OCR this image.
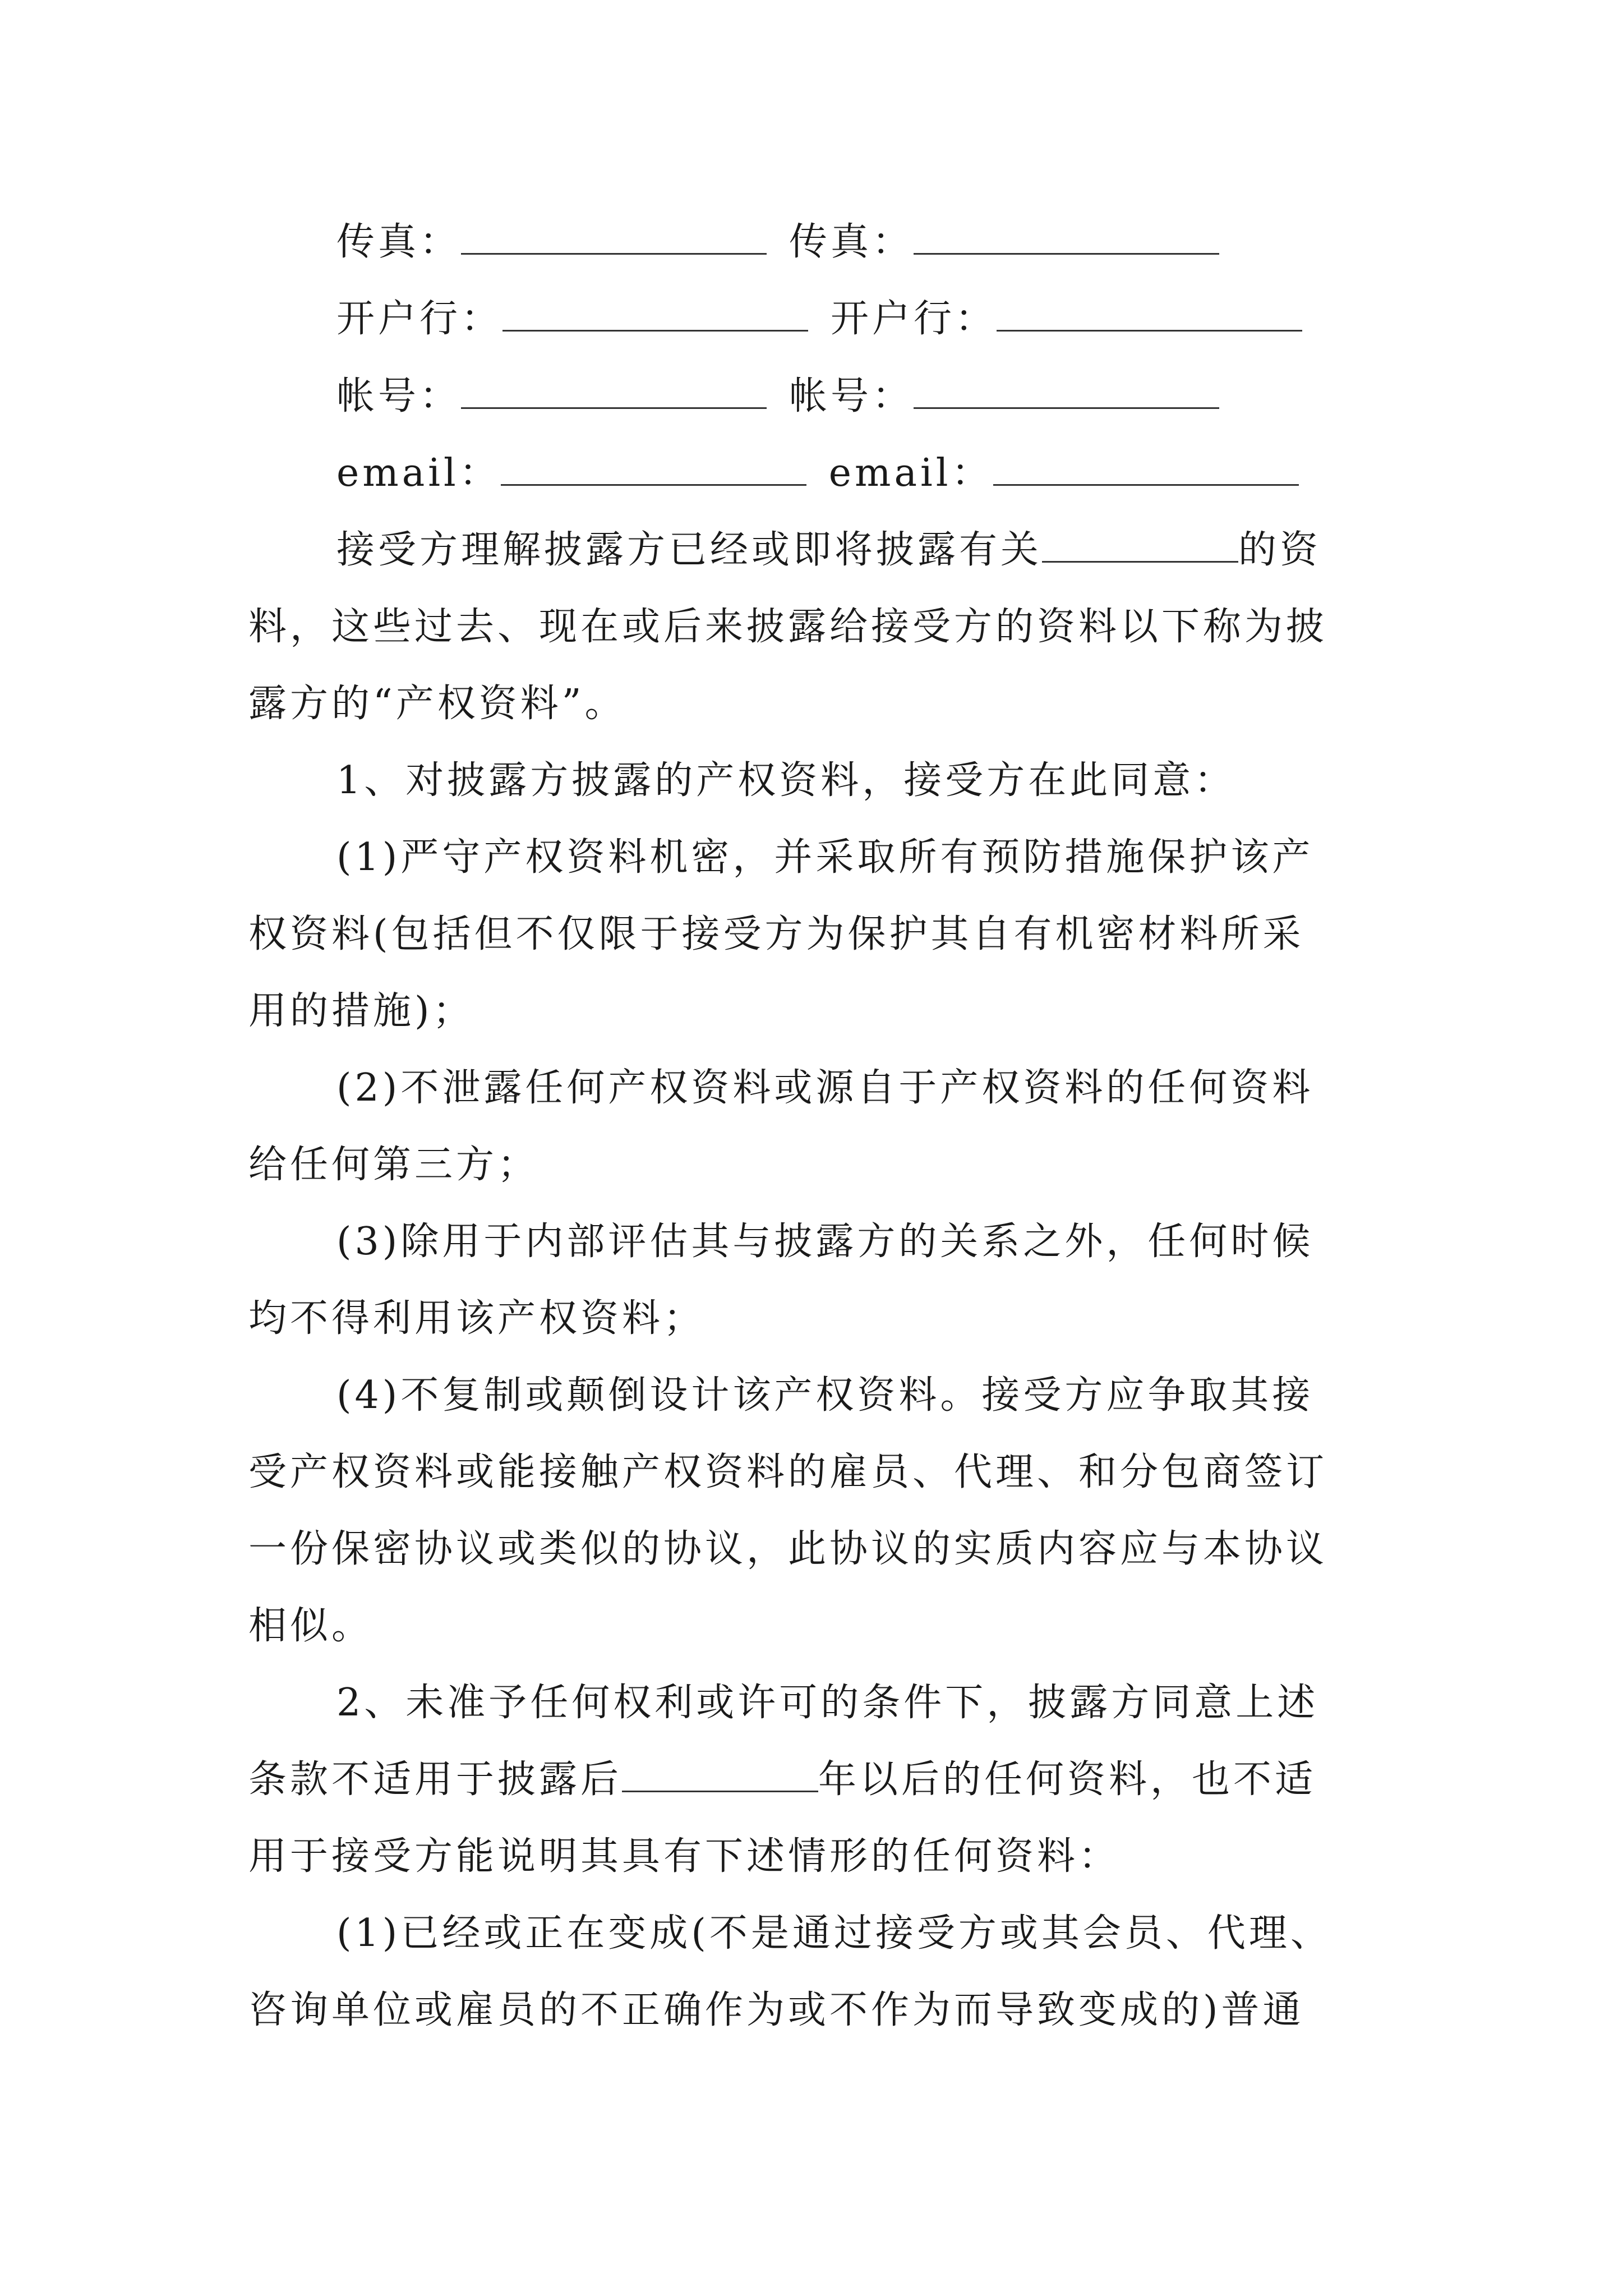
传真：	传真：
开户行：	开户行：
帐号：	帐号：
email：	email：
接受方理解披露方已经或即将披露有关	的资
料，这些过去、现在或后来披露给接受方的资料以下称为披
露方的“产权资料”。
1、对披露方披露的产权资料，接受方在此同意：
(1)严守产权资料机密，并采取所有预防措施保护该产
权资料(包括但不仅限于接受方为保护其自有机密材料所采
用的措施)；
(2)不泄露任何产权资料或源自于产权资料的任何资料
给任何第三方；
(3)除用于内部评估其与披露方的关系之外，任何时候
均不得利用该产权资料；
(4)不复制或颠倒设计该产权资料。接受方应争取其接
受产权资料或能接触产权资料的雇员、代理、和分包商签订
一份保密协议或类似的协议，此协议的实质内容应与本协议
相似。
2、未准予任何权利或许可的条件下，披露方同意上述
条款不适用于披露后	年以后的任何资料，也不适
用于接受方能说明其具有下述情形的任何资料：
(1)已经或正在变成(不是通过接受方或其会员、代理、
咨询单位或雇员的不正确作为或不作为而导致变成的)普通
